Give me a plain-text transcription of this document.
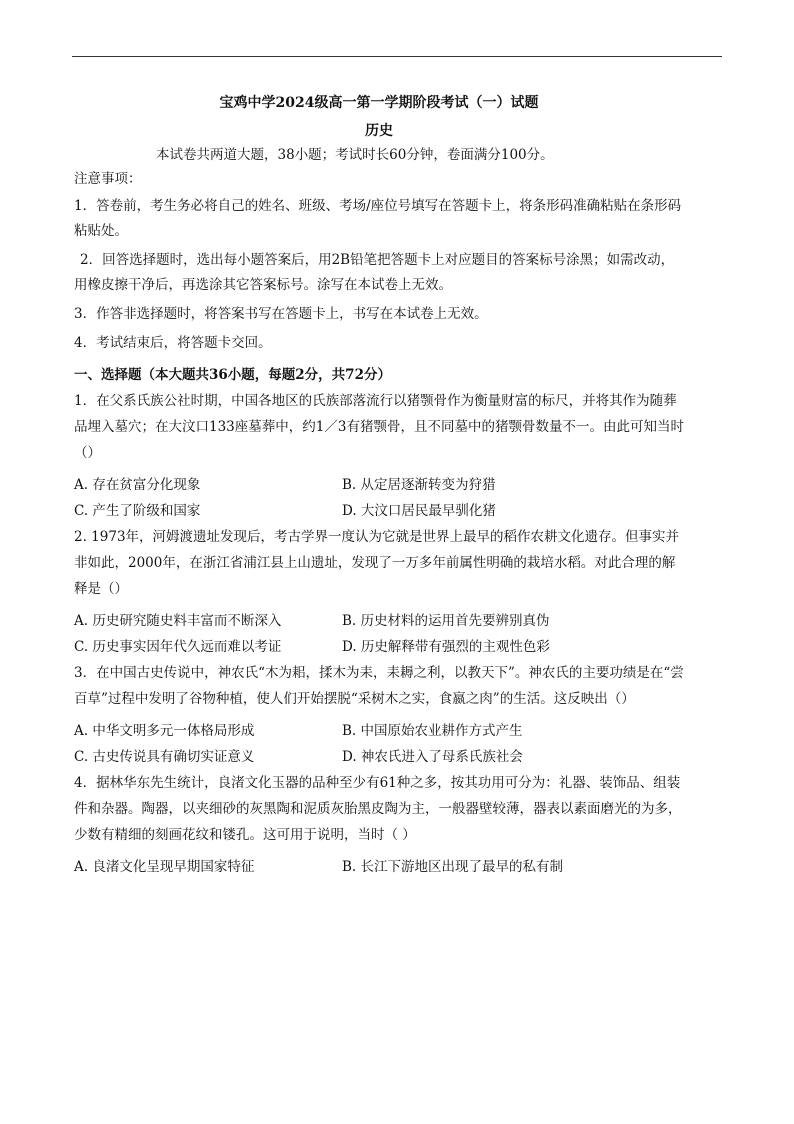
宝鸡中学2024级高一第一学期阶段考试（一）试题

历史

本试卷共两道大题，38小题；考试时长60分钟，卷面满分100分。

注意事项：

1．答卷前，考生务必将自己的姓名、班级、考场/座位号填写在答题卡上，将条形码准确粘贴在条形码粘贴处。

2．回答选择题时，选出每小题答案后，用2B铅笔把答题卡上对应题目的答案标号涂黑；如需改动，用橡皮擦干净后，再选涂其它答案标号。涂写在本试卷上无效。

3．作答非选择题时，将答案书写在答题卡上，书写在本试卷上无效。

4．考试结束后，将答题卡交回。

一、选择题（本大题共36小题，每题2分，共72分）

1．在父系氏族公社时期，中国各地区的氏族部落流行以猪颚骨作为衡量财富的标尺，并将其作为随葬品埋入墓穴；在大汶口133座墓葬中，约1／3有猪颚骨，且不同墓中的猪颚骨数量不一。由此可知当时（）

A. 存在贫富分化现象	B. 从定居逐渐转变为狩猎
C. 产生了阶级和国家	D. 大汶口居民最早驯化猪

2. 1973年，河姆渡遗址发现后，考古学界一度认为它就是世界上最早的稻作农耕文化遗存。但事实并非如此，2000年，在浙江省浦江县上山遗址，发现了一万多年前属性明确的栽培水稻。对此合理的解释是（）

A. 历史研究随史料丰富而不断深入	B. 历史材料的运用首先要辨别真伪
C. 历史事实因年代久远而难以考证	D. 历史解释带有强烈的主观性色彩

3．在中国古史传说中，神农氏“木为耜，揉木为耒，耒耨之利，以教天下”。神农氏的主要功绩是在“尝百草”过程中发明了谷物种植，使人们开始摆脱“采树木之实，食嬴之肉”的生活。这反映出（）

A. 中华文明多元一体格局形成	B. 中国原始农业耕作方式产生
C. 古史传说具有确切实证意义	D. 神农氏进入了母系氏族社会

4．据林华东先生统计，良渚文化玉器的品种至少有61种之多，按其功用可分为：礼器、装饰品、组装件和杂器。陶器，以夹细砂的灰黑陶和泥质灰胎黑皮陶为主，一般器壁较薄，器表以素面磨光的为多，少数有精细的刻画花纹和镂孔。这可用于说明，当时（ ）

A. 良渚文化呈现早期国家特征	B. 长江下游地区出现了最早的私有制
